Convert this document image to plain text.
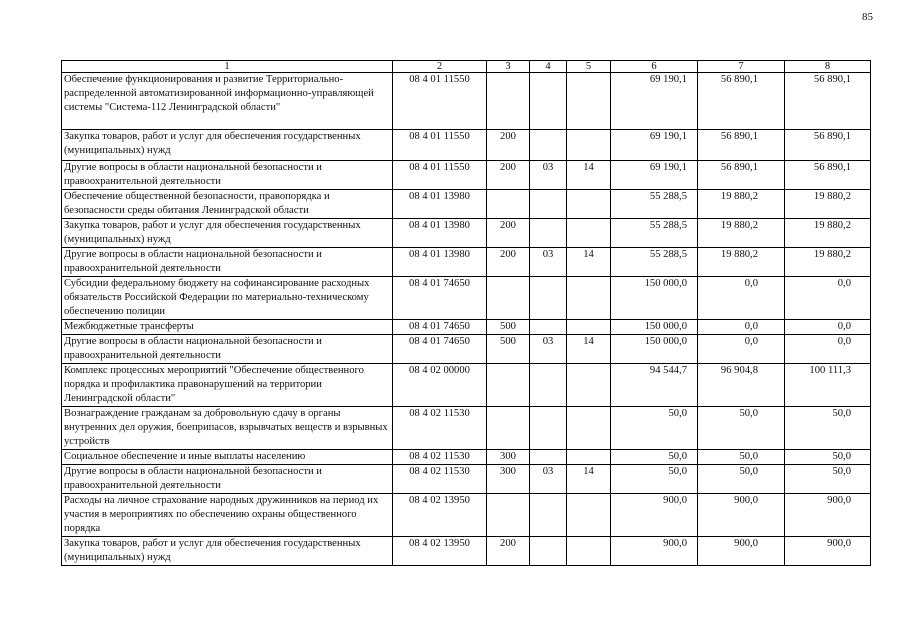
85
1	2	3	4	5	6	7	8
Обеспечение функционирования и развитие Территориально-распределенной автоматизированной информационно-управляющей системы "Система-112 Ленинградской области"	08 4 01 11550				69 190,1	56 890,1	56 890,1
Закупка товаров, работ и услуг для обеспечения государственных (муниципальных) нужд	08 4 01 11550	200			69 190,1	56 890,1	56 890,1
Другие вопросы в области национальной безопасности и правоохранительной деятельности	08 4 01 11550	200	03	14	69 190,1	56 890,1	56 890,1
Обеспечение общественной безопасности, правопорядка и безопасности среды обитания Ленинградской области	08 4 01 13980				55 288,5	19 880,2	19 880,2
Закупка товаров, работ и услуг для обеспечения государственных (муниципальных) нужд	08 4 01 13980	200			55 288,5	19 880,2	19 880,2
Другие вопросы в области национальной безопасности и правоохранительной деятельности	08 4 01 13980	200	03	14	55 288,5	19 880,2	19 880,2
Субсидии федеральному бюджету на софинансирование расходных обязательств Российской Федерации по материально-техническому обеспечению полиции	08 4 01 74650				150 000,0	0,0	0,0
Межбюджетные трансферты	08 4 01 74650	500			150 000,0	0,0	0,0
Другие вопросы в области национальной безопасности и правоохранительной деятельности	08 4 01 74650	500	03	14	150 000,0	0,0	0,0
Комплекс процессных мероприятий "Обеспечение общественного порядка и профилактика правонарушений на территории Ленинградской области"	08 4 02 00000				94 544,7	96 904,8	100 111,3
Вознаграждение гражданам за добровольную сдачу в органы внутренних дел оружия, боеприпасов, взрывчатых веществ и взрывных устройств	08 4 02 11530				50,0	50,0	50,0
Социальное обеспечение и иные выплаты населению	08 4 02 11530	300			50,0	50,0	50,0
Другие вопросы в области национальной безопасности и правоохранительной деятельности	08 4 02 11530	300	03	14	50,0	50,0	50,0
Расходы на личное страхование народных дружинников на период их участия в мероприятиях по обеспечению охраны общественного порядка	08 4 02 13950				900,0	900,0	900,0
Закупка товаров, работ и услуг для обеспечения государственных (муниципальных) нужд	08 4 02 13950	200			900,0	900,0	900,0
